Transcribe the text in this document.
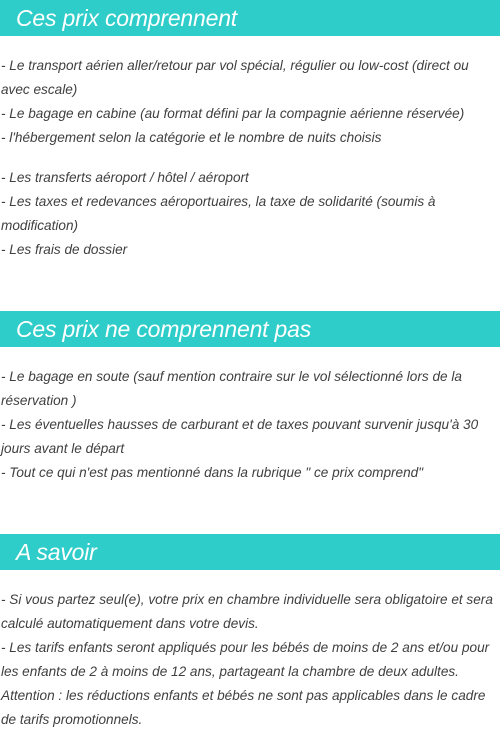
Ces prix comprennent

- Le transport aérien aller/retour par vol spécial, régulier ou low-cost (direct ou avec escale)

- Le bagage en cabine (au format défini par la compagnie aérienne réservée)

- l'hébergement selon la catégorie et le nombre de nuits choisis

- Les transferts aéroport / hôtel / aéroport

- Les taxes et redevances aéroportuaires, la taxe de solidarité (soumis à modification)

- Les frais de dossier

Ces prix ne comprennent pas

- Le bagage en soute (sauf mention contraire sur le vol sélectionné lors de la réservation )

- Les éventuelles hausses de carburant et de taxes pouvant survenir jusqu'à 30 jours avant le départ

- Tout ce qui n'est pas mentionné dans la rubrique " ce prix comprend"

A savoir

- Si vous partez seul(e), votre prix en chambre individuelle sera obligatoire et sera calculé automatiquement dans votre devis.

- Les tarifs enfants seront appliqués pour les bébés de moins de 2 ans et/ou pour les enfants de 2 à moins de 12 ans, partageant la chambre de deux adultes.

Attention : les réductions enfants et bébés ne sont pas applicables dans le cadre de tarifs promotionnels.
